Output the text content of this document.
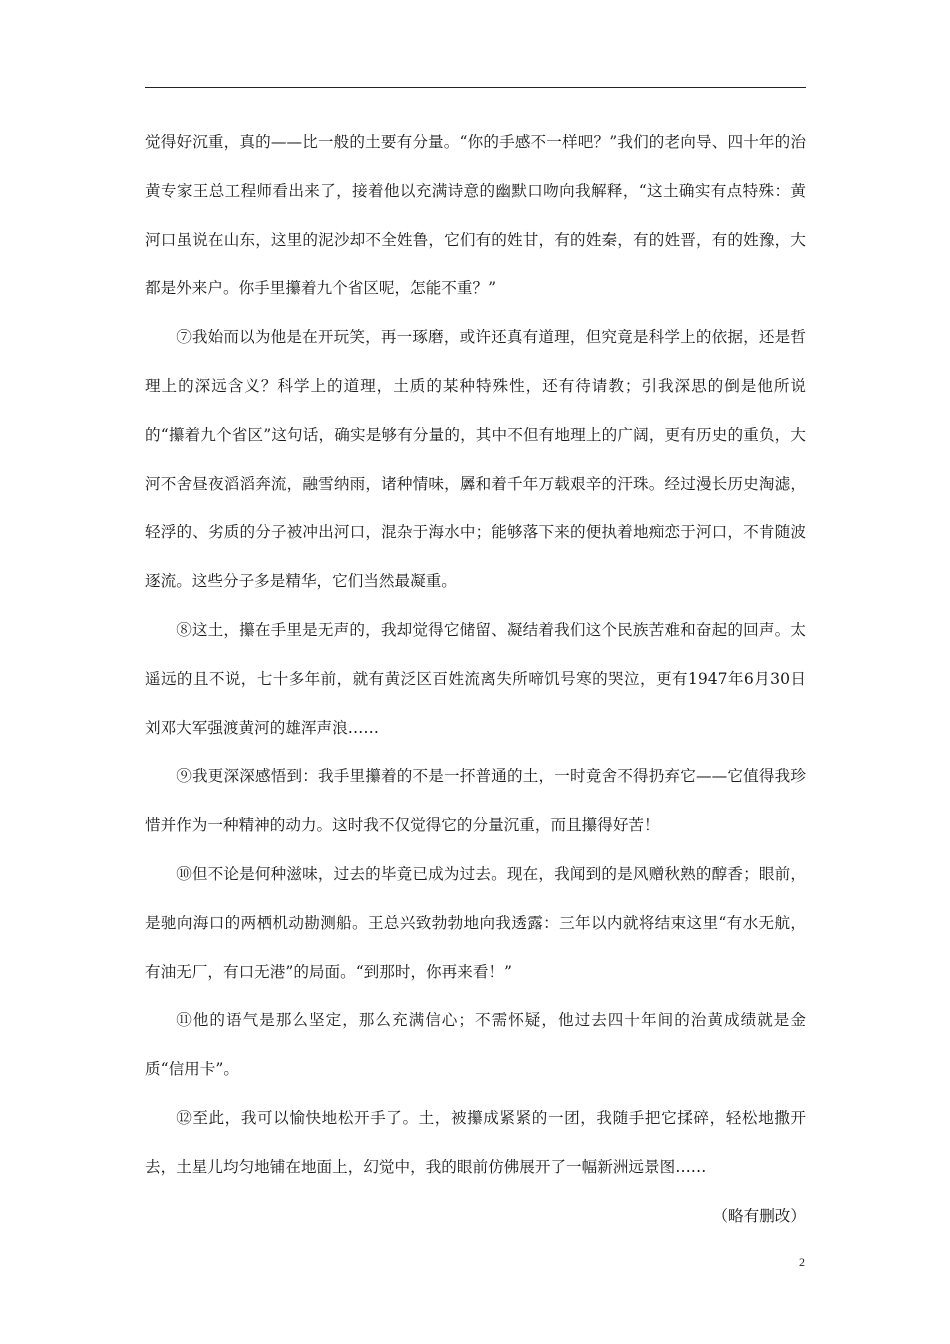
觉得好沉重，真的——比一般的土要有分量。“你的手感不一样吧？”我们的老向导、四十年的治黄专家王总工程师看出来了，接着他以充满诗意的幽默口吻向我解释，“这土确实有点特殊：黄河口虽说在山东，这里的泥沙却不全姓鲁，它们有的姓甘，有的姓秦，有的姓晋，有的姓豫，大都是外来户。你手里攥着九个省区呢，怎能不重？”

⑦我始而以为他是在开玩笑，再一琢磨，或许还真有道理，但究竟是科学上的依据，还是哲理上的深远含义？科学上的道理，土质的某种特殊性，还有待请教；引我深思的倒是他所说的“攥着九个省区”这句话，确实是够有分量的，其中不但有地理上的广阔，更有历史的重负，大河不舍昼夜滔滔奔流，融雪纳雨，诸种情味，羼和着千年万载艰辛的汗珠。经过漫长历史淘滤，轻浮的、劣质的分子被冲出河口，混杂于海水中；能够落下来的便执着地痴恋于河口，不肯随波逐流。这些分子多是精华，它们当然最凝重。

⑧这土，攥在手里是无声的，我却觉得它储留、凝结着我们这个民族苦难和奋起的回声。太遥远的且不说，七十多年前，就有黄泛区百姓流离失所啼饥号寒的哭泣，更有1947年6月30日刘邓大军强渡黄河的雄浑声浪……

⑨我更深深感悟到：我手里攥着的不是一抔普通的土，一时竟舍不得扔弃它——它值得我珍惜并作为一种精神的动力。这时我不仅觉得它的分量沉重，而且攥得好苦！

⑩但不论是何种滋味，过去的毕竟已成为过去。现在，我闻到的是风赠秋熟的醇香；眼前，是驰向海口的两栖机动勘测船。王总兴致勃勃地向我透露：三年以内就将结束这里“有水无航，有油无厂，有口无港”的局面。“到那时，你再来看！”

⑪他的语气是那么坚定，那么充满信心；不需怀疑，他过去四十年间的治黄成绩就是金质“信用卡”。

⑫至此，我可以愉快地松开手了。土，被攥成紧紧的一团，我随手把它揉碎，轻松地撒开去，土星儿均匀地铺在地面上，幻觉中，我的眼前仿佛展开了一幅新洲远景图……

（略有删改）

2
